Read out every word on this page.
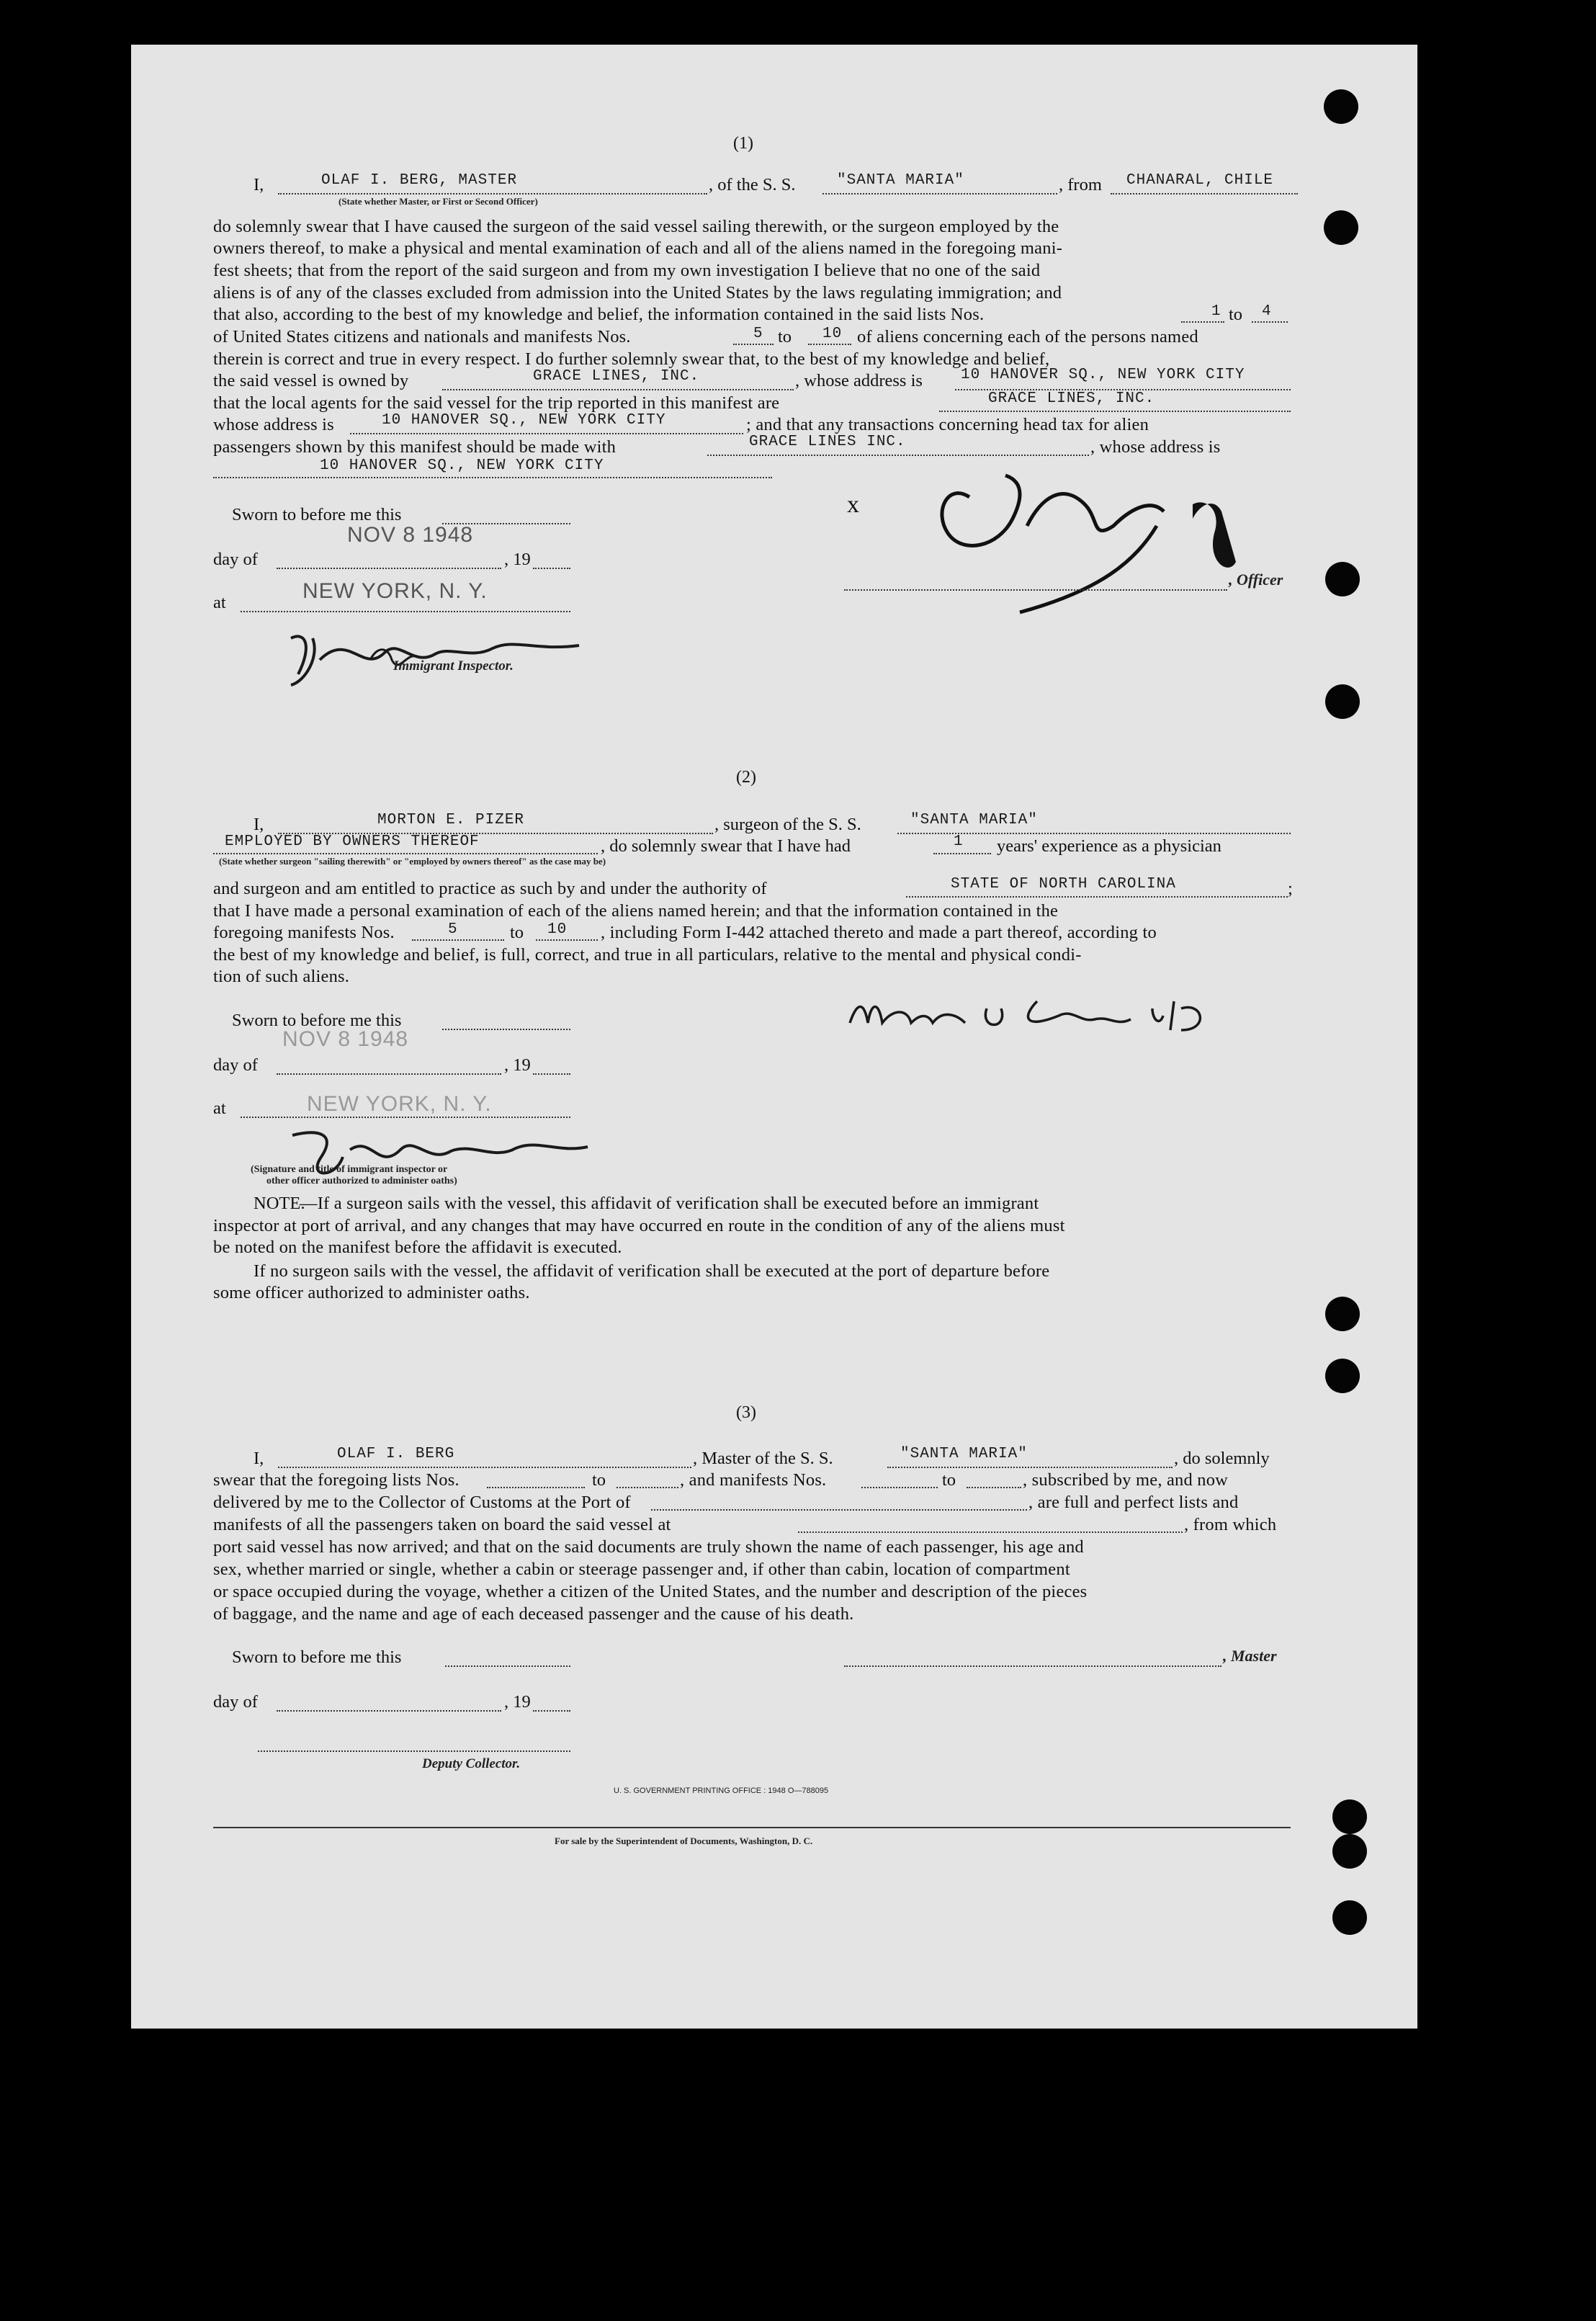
(1)
I,	OLAF I. BERG, MASTER	, of the S. S.	"SANTA MARIA"	, from CHANARAL, CHILE
(State whether Master, or First or Second Officer)
do solemnly swear that I have caused the surgeon of the said vessel sailing therewith, or the surgeon employed by the
owners thereof, to make a physical and mental examination of each and all of the aliens named in the foregoing mani-
fest sheets; that from the report of the said surgeon and from my own investigation I believe that no one of the said
aliens is of any of the classes excluded from admission into the United States by the laws regulating immigration; and
that also, according to the best of my knowledge and belief, the information contained in the said lists Nos.	1 to 4
of United States citizens and nationals and manifests Nos.	5 to 10 of aliens concerning each of the persons named
therein is correct and true in every respect. I do further solemnly swear that, to the best of my knowledge and belief,
the said vessel is owned by	GRACE LINES, INC.	, whose address is	10 HANOVER SQ., NEW YORK CITY
that the local agents for the said vessel for the trip reported in this manifest are	GRACE LINES, INC.
whose address is	10 HANOVER SQ., NEW YORK CITY	; and that any transactions concerning head tax for alien
passengers shown by this manifest should be made with	GRACE LINES INC.	, whose address is
10 HANOVER SQ., NEW YORK CITY
Sworn to before me this
NOV 8 1948
day of	, 19
at	NEW YORK, N. Y.
Immigrant Inspector.
x
, Officer
(2)
I,	MORTON E. PIZER	, surgeon of the S. S.	"SANTA MARIA"
EMPLOYED BY OWNERS THEREOF	, do solemnly swear that I have had	1 years' experience as a physician
(State whether surgeon "sailing therewith" or "employed by owners thereof" as the case may be)
and surgeon and am entitled to practice as such by and under the authority of	STATE OF NORTH CAROLINA	;
that I have made a personal examination of each of the aliens named herein; and that the information contained in the
foregoing manifests Nos.	5	to 10 , including Form I-442 attached thereto and made a part thereof, according to
the best of my knowledge and belief, is full, correct, and true in all particulars, relative to the mental and physical condi-
tion of such aliens.
Sworn to before me this
NOV 8 1948
day of	, 19
at	NEW YORK, N. Y.
(Signature and title of immigrant inspector or
other officer authorized to administer oaths)
NOTE.
—If a surgeon sails with the vessel, this affidavit of verification shall be executed before an immigrant
inspector at port of arrival, and any changes that may have occurred en route in the condition of any of the aliens must
be noted on the manifest before the affidavit is executed.
If no surgeon sails with the vessel, the affidavit of verification shall be executed at the port of departure before
some officer authorized to administer oaths.
(3)
I,	OLAF I. BERG	, Master of the S. S.	"SANTA MARIA"	, do solemnly
swear that the foregoing lists Nos.	to	, and manifests Nos.	to	, subscribed by me, and now
delivered by me to the Collector of Customs at the Port of	, are full and perfect lists and
manifests of all the passengers taken on board the said vessel at	, from which
port said vessel has now arrived; and that on the said documents are truly shown the name of each passenger, his age and
sex, whether married or single, whether a cabin or steerage passenger and, if other than cabin, location of compartment
or space occupied during the voyage, whether a citizen of the United States, and the number and description of the pieces
of baggage, and the name and age of each deceased passenger and the cause of his death.
Sworn to before me this	, Master
day of	, 19
Deputy Collector.
U. S. GOVERNMENT PRINTING OFFICE : 1948 O—788095
For sale by the Superintendent of Documents, Washington, D. C.
